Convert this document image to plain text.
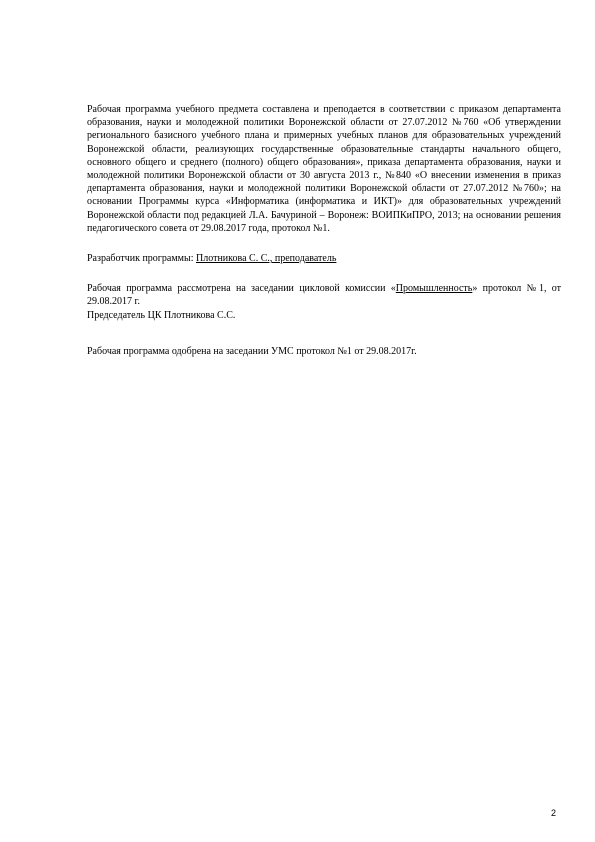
Рабочая программа учебного предмета составлена и преподается в соответствии с приказом департамента образования, науки и молодежной политики Воронежской области от 27.07.2012 №760 «Об утверждении регионального базисного учебного плана и примерных учебных планов для образовательных учреждений Воронежской области, реализующих государственные образовательные стандарты начального общего, основного общего и среднего (полного) общего образования», приказа департамента образования, науки и молодежной политики Воронежской области от 30 августа 2013 г., №840 «О внесении изменения в приказ департамента образования, науки и молодежной политики Воронежской области от 27.07.2012 №760»; на основании Программы курса «Информатика (информатика и ИКТ)» для образовательных учреждений Воронежской области под редакцией Л.А. Бачуриной – Воронеж: ВОИПКиПРО, 2013; на основании решения педагогического совета от 29.08.2017 года, протокол №1.

Разработчик программы: Плотникова С. С., преподаватель

Рабочая программа рассмотрена на заседании цикловой комиссии «Промышленность» протокол №1, от 29.08.2017 г.

Председатель ЦК Плотникова С.С.

Рабочая программа одобрена на заседании УМС протокол №1 от 29.08.2017г.

2
